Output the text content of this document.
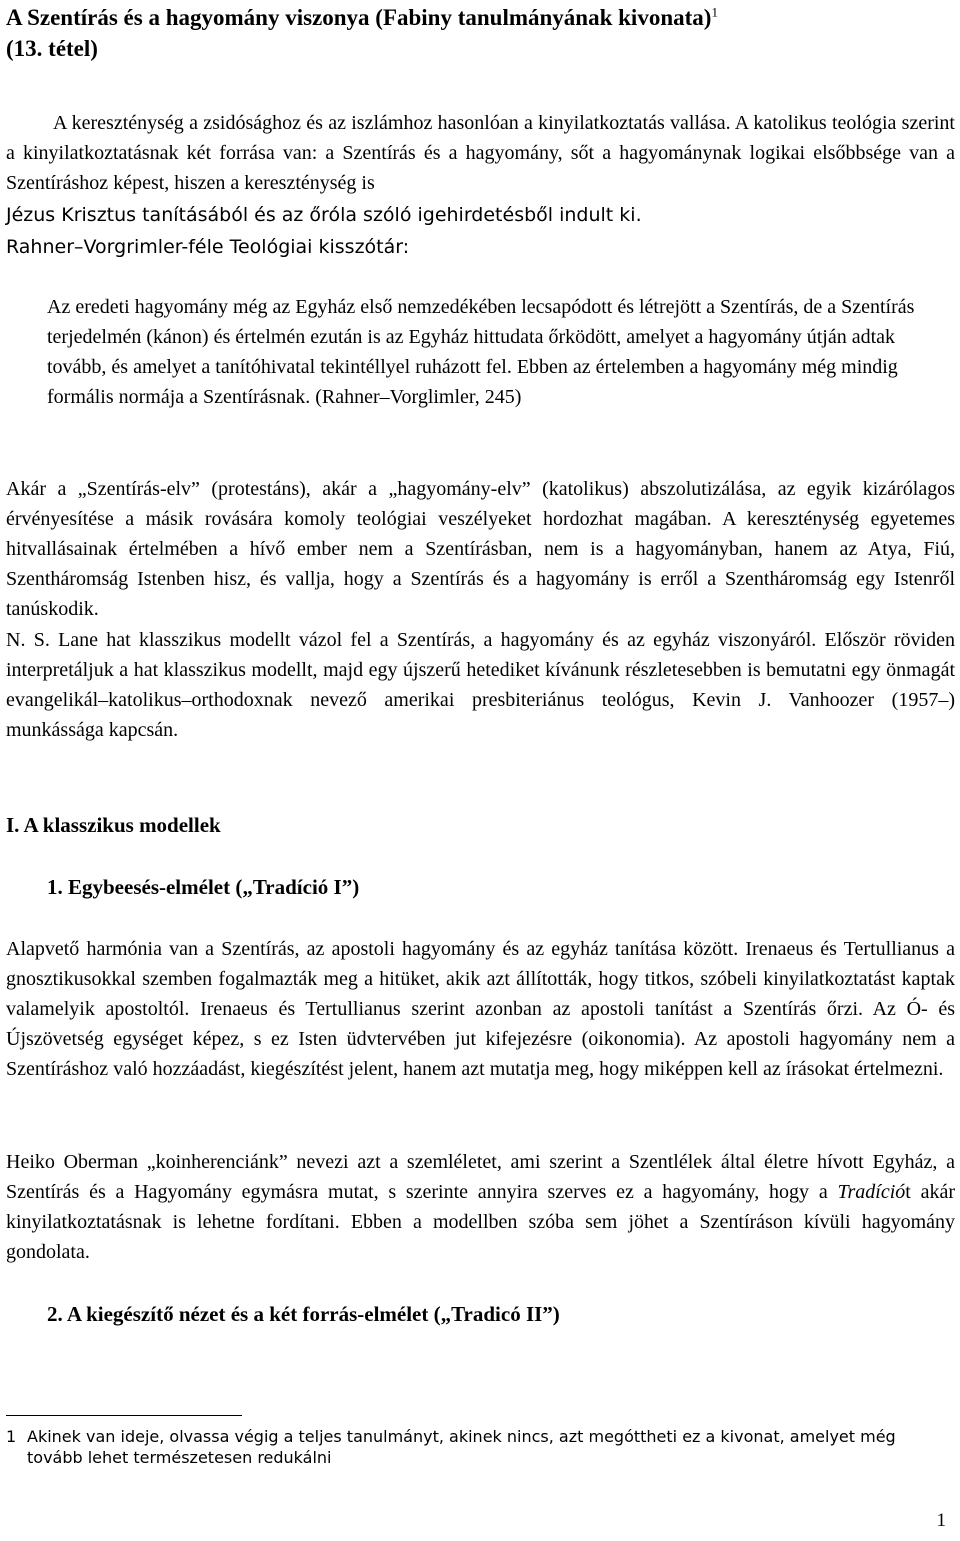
A Szentírás és a hagyomány viszonya (Fabiny tanulmányának kivonata)$^1$
(13. tétel)

A kereszténység a zsidósághoz és az iszlámhoz hasonlóan a kinyilatkoztatás vallása. A katolikus teológia szerint a kinyilatkoztatásnak két forrása van: a Szentírás és a hagyomány, sőt a hagyománynak logikai elsőbbsége van a Szentíráshoz képest, hiszen a kereszténység is

Jézus Krisztus tanításából és az őróla szóló igehirdetésből indult ki.

Rahner–Vorgrimler-féle Teológiai kisszótár:

Az eredeti hagyomány még az Egyház első nemzedékében lecsapódott és létrejött a Szentírás, de a Szentírás terjedelmén (kánon) és értelmén ezután is az Egyház hittudata őrködött, amelyet a hagyomány útján adtak tovább, és amelyet a tanítóhivatal tekintéllyel ruházott fel. Ebben az értelemben a hagyomány még mindig formális normája a Szentírásnak. (Rahner–Vorglimler, 245)

Akár a „Szentírás-elv” (protestáns), akár a „hagyomány-elv” (katolikus) abszolutizálása, az egyik kizárólagos érvényesítése a másik rovására komoly teológiai veszélyeket hordozhat magában. A kereszténység egyetemes hitvallásainak értelmében a hívő ember nem a Szentírásban, nem is a hagyományban, hanem az Atya, Fiú, Szentháromság Istenben hisz, és vallja, hogy a Szentírás és a hagyomány is erről a Szentháromság egy Istenről tanúskodik.

N. S. Lane hat klasszikus modellt vázol fel a Szentírás, a hagyomány és az egyház viszonyáról. Először röviden interpretáljuk a hat klasszikus modellt, majd egy újszerű hetediket kívánunk részletesebben is bemutatni egy önmagát evangelikál–katolikus–orthodoxnak nevező amerikai presbiteriánus teológus, Kevin J. Vanhoozer (1957–) munkássága kapcsán.

I. A klasszikus modellek
1. Egybeesés-elmélet („Tradíció I”)

Alapvető harmónia van a Szentírás, az apostoli hagyomány és az egyház tanítása között. Irenaeus és Tertullianus a gnosztikusokkal szemben fogalmazták meg a hitüket, akik azt állították, hogy titkos, szóbeli kinyilatkoztatást kaptak valamelyik apostoltól. Irenaeus és Tertullianus szerint azonban az apostoli tanítást a Szentírás őrzi. Az Ó- és Újszövetség egységet képez, s ez Isten üdvtervében jut kifejezésre (oikonomia). Az apostoli hagyomány nem a Szentíráshoz való hozzáadást, kiegészítést jelent, hanem azt mutatja meg, hogy miképpen kell az írásokat értelmezni.

Heiko Oberman „koinherenciánk” nevezi azt a szemléletet, ami szerint a Szentlélek által életre hívott Egyház, a Szentírás és a Hagyomány egymásra mutat, s szerinte annyira szerves ez a hagyomány, hogy a Tradíciót akár kinyilatkoztatásnak is lehetne fordítani. Ebben a modellben szóba sem jöhet a Szentíráson kívüli hagyomány gondolata.

2. A kiegészítő nézet és a két forrás-elmélet („Tradicó II”)

1 Akinek van ideje, olvassa végig a teljes tanulmányt, akinek nincs, azt megóttheti ez a kivonat, amelyet még tovább lehet természetesen redukálni

1
